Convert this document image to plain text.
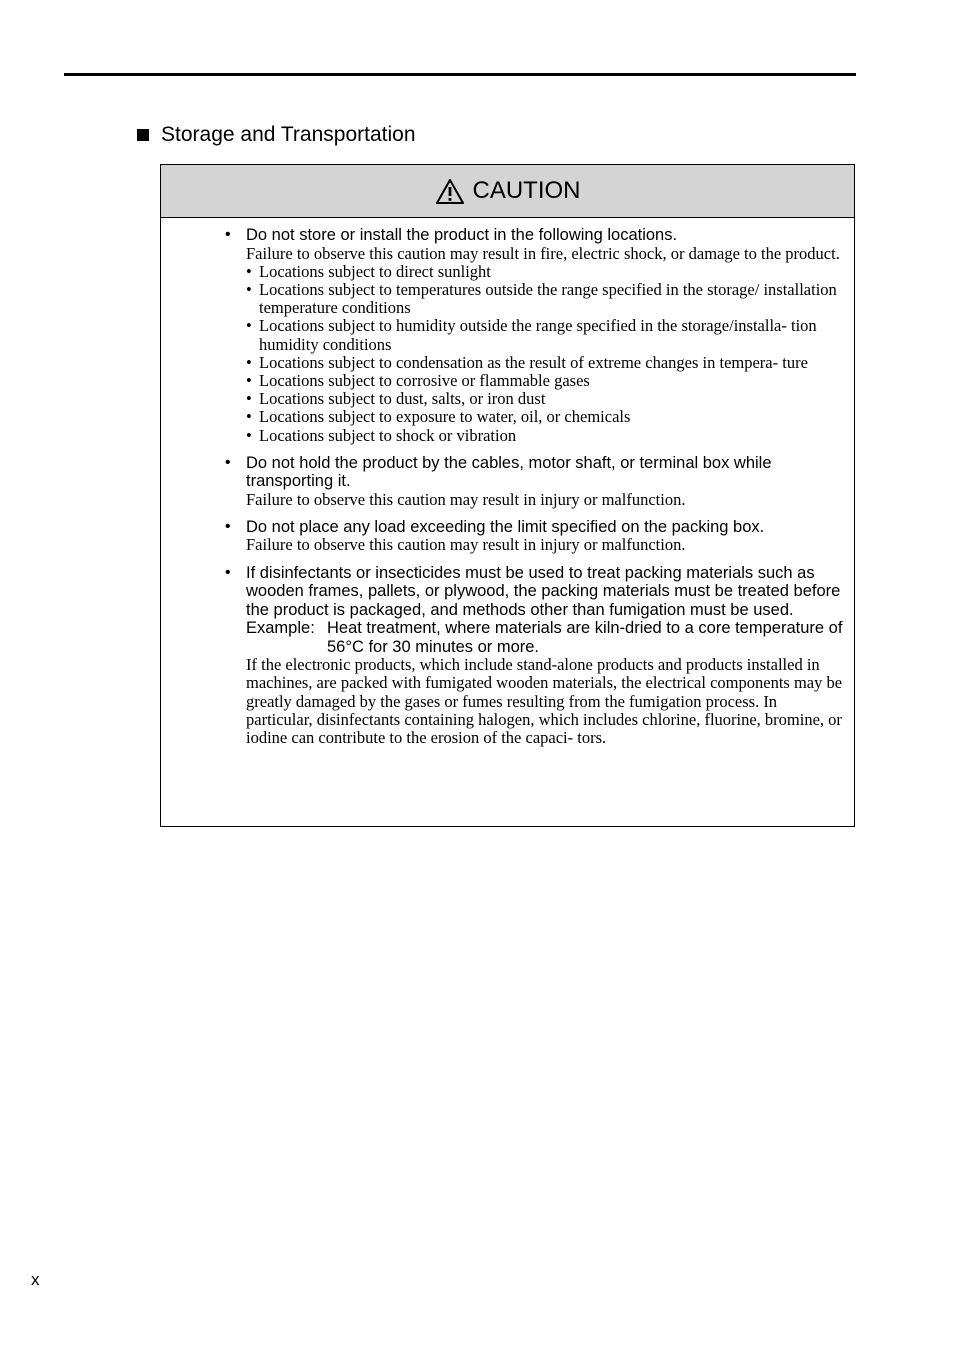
Storage and Transportation
CAUTION
• Do not store or install the product in the following locations.
Failure to observe this caution may result in fire, electric shock, or damage to the product.
• Locations subject to direct sunlight
• Locations subject to temperatures outside the range specified in the storage/ installation temperature conditions
• Locations subject to humidity outside the range specified in the storage/installa- tion humidity conditions
• Locations subject to condensation as the result of extreme changes in tempera- ture
• Locations subject to corrosive or flammable gases
• Locations subject to dust, salts, or iron dust
• Locations subject to exposure to water, oil, or chemicals
• Locations subject to shock or vibration
• Do not hold the product by the cables, motor shaft, or terminal box while transporting it.
Failure to observe this caution may result in injury or malfunction.
• Do not place any load exceeding the limit specified on the packing box.
Failure to observe this caution may result in injury or malfunction.
• If disinfectants or insecticides must be used to treat packing materials such as wooden frames, pallets, or plywood, the packing materials must be treated before the product is packaged, and methods other than fumigation must be used.
Example: Heat treatment, where materials are kiln-dried to a core temperature of 56°C for 30 minutes or more.
If the electronic products, which include stand-alone products and products installed in machines, are packed with fumigated wooden materials, the electrical components may be greatly damaged by the gases or fumes resulting from the fumigation process. In particular, disinfectants containing halogen, which includes chlorine, fluorine, bromine, or iodine can contribute to the erosion of the capaci- tors.
x
